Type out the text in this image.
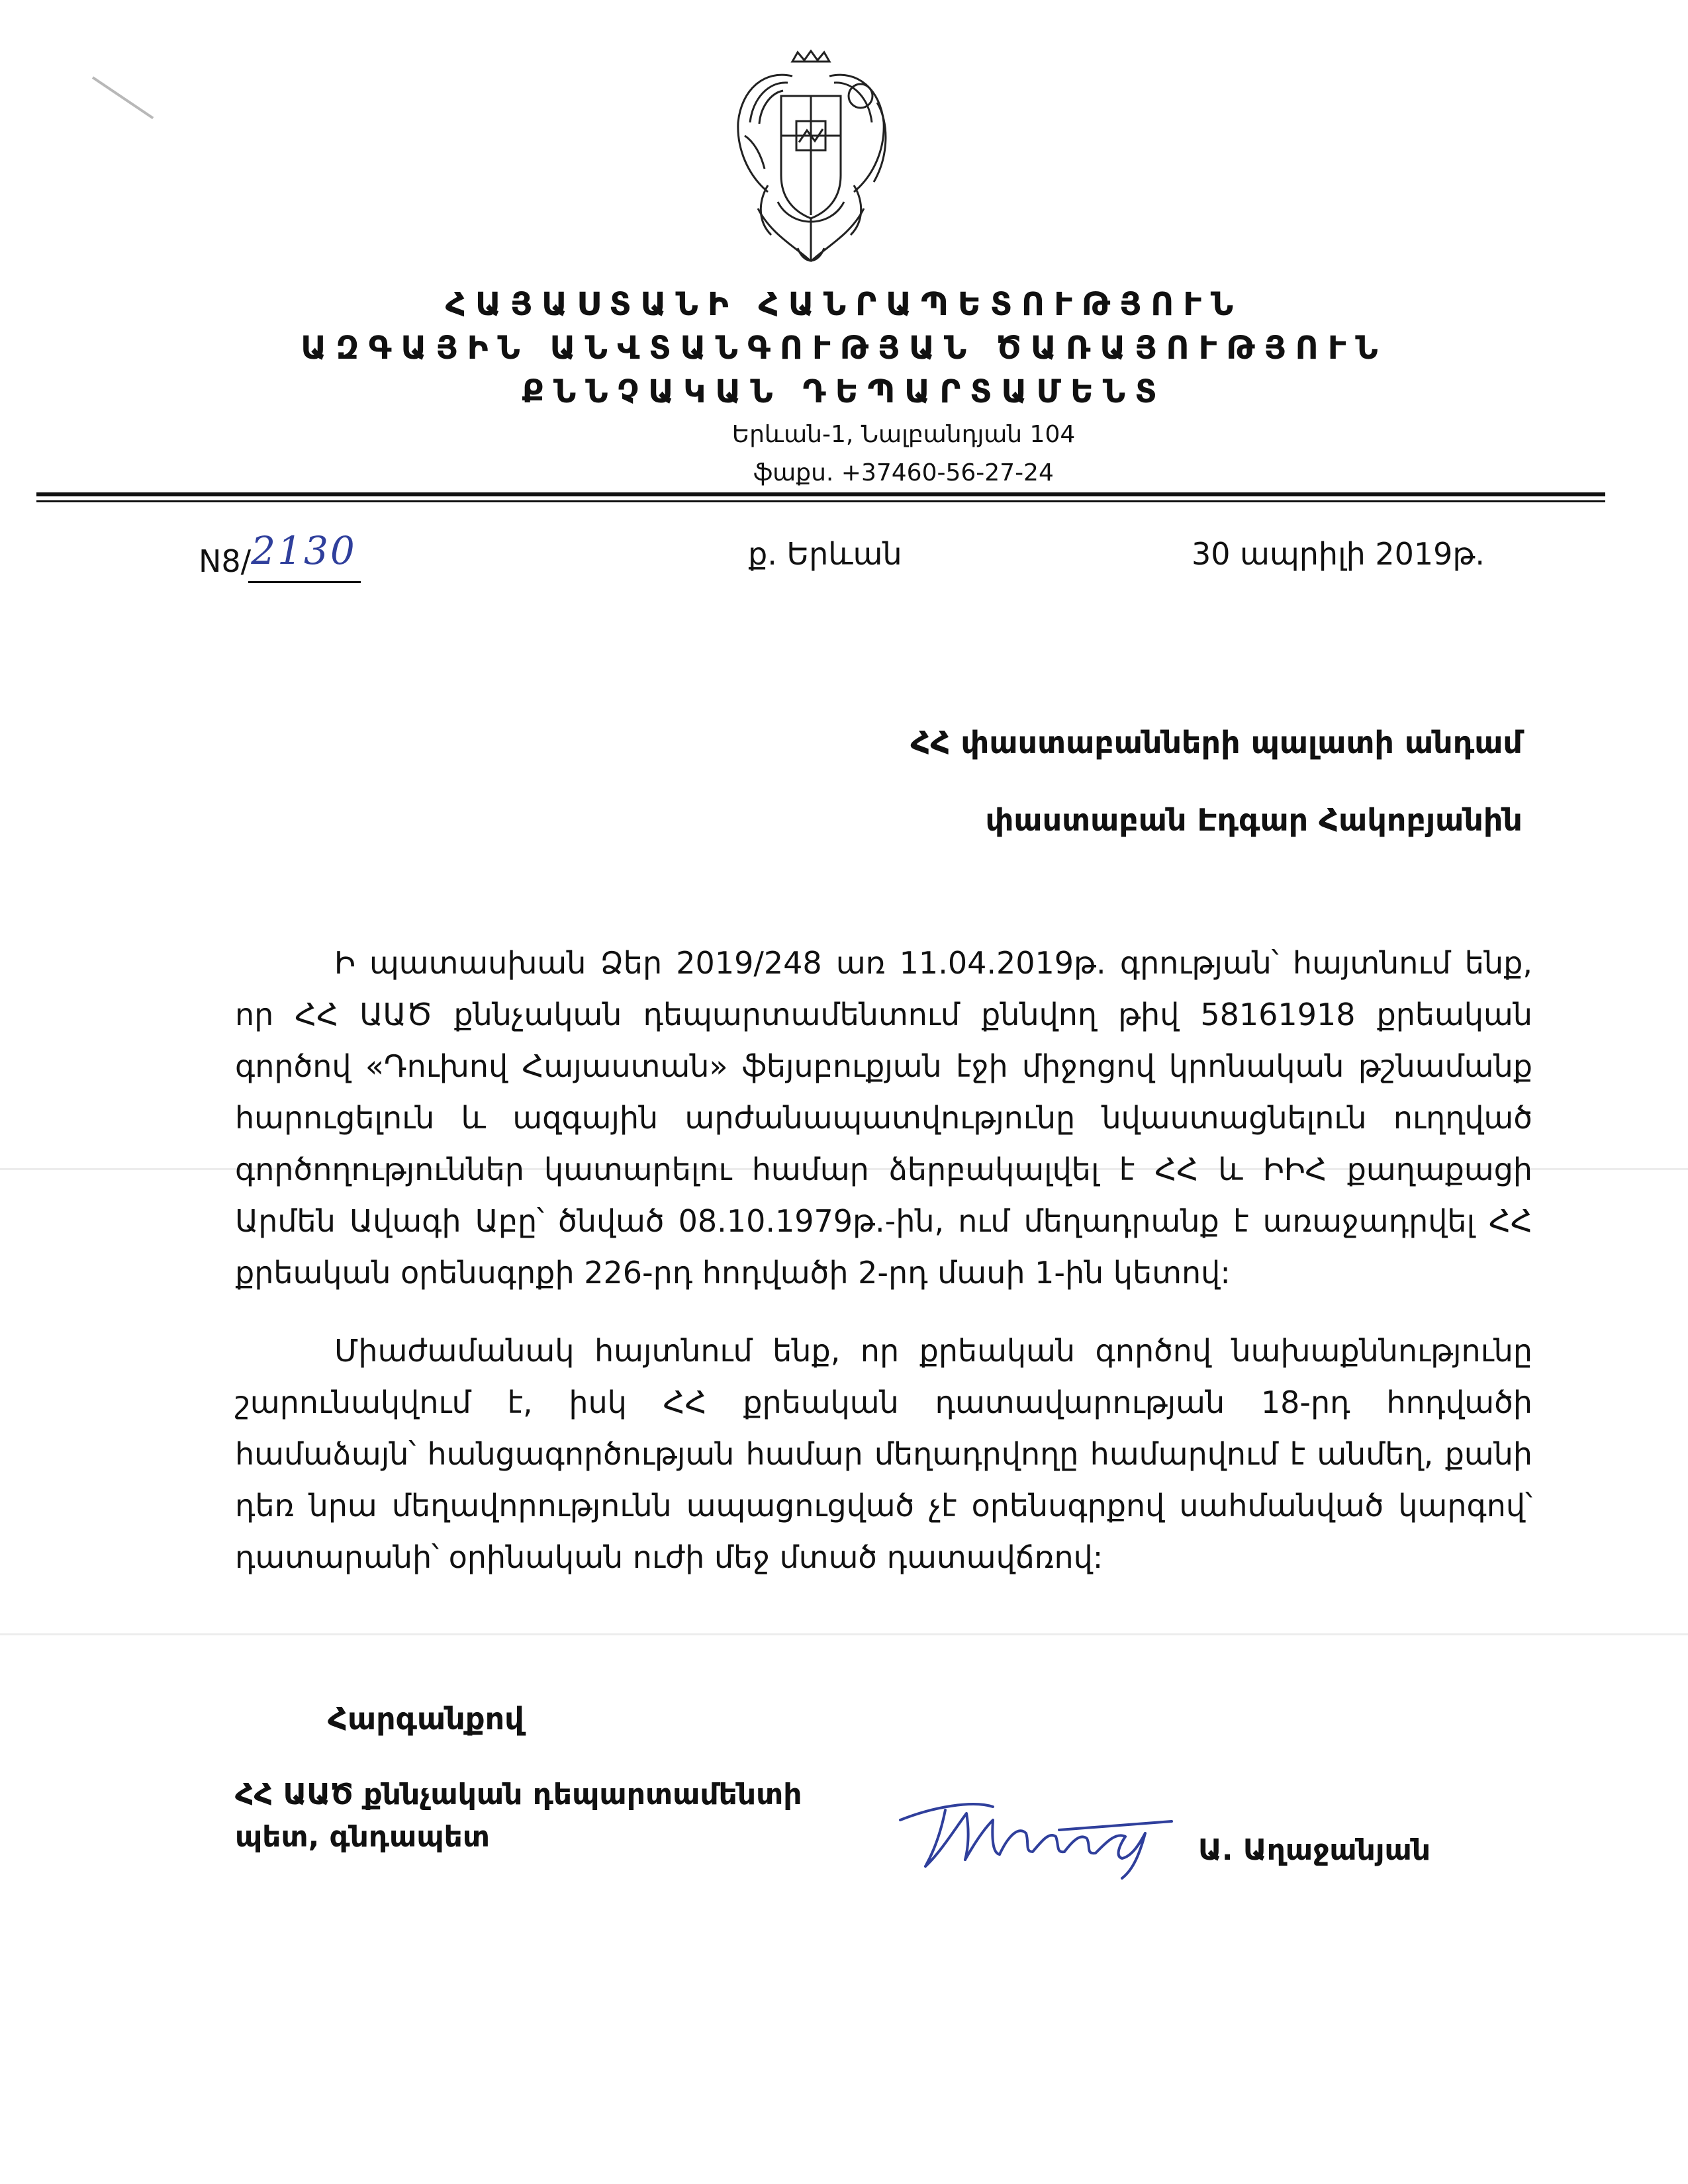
ՀԱՅԱՍՏԱՆԻ ՀԱՆՐԱՊԵՏՈՒԹՅՈՒՆ
ԱԶԳԱՅԻՆ ԱՆՎՏԱՆԳՈՒԹՅԱՆ ԾԱՌԱՅՈՒԹՅՈՒՆ
ՔՆՆՉԱԿԱՆ ԴԵՊԱՐՏԱՄԵՆՏ
Երևան-1, Նալբանդյան 104
ֆաքս. +37460-56-27-24
N8/2130	ք. Երևան	30 ապրիլի 2019թ.
ՀՀ փաստաբանների պալատի անդամ
փաստաբան Էդգար Հակոբյանին

Ի պատասխան Ձեր 2019/248 առ 11.04.2019թ. գրության՝ հայտնում ենք, որ ՀՀ ԱԱԾ քննչական դեպարտամենտում քննվող թիվ 58161918 քրեական գործով «Դուխով Հայաստան» ֆեյսբուքյան էջի միջոցով կրոնական թշնամանք հարուցելուն և ազգային արժանապատվությունը նվաստացնելուն ուղղված գործողություններ կատարելու համար ձերբակալվել է ՀՀ և ԻԻՀ քաղաքացի Արմեն Ավագի Աբը՝ ծնված 08.10.1979թ.-ին, ում մեղադրանք է առաջադրվել ՀՀ քրեական օրենսգրքի 226-րդ հոդվածի 2-րդ մասի 1-ին կետով:

Միաժամանակ հայտնում ենք, որ քրեական գործով նախաքննությունը շարունակվում է, իսկ ՀՀ քրեական դատավարության 18-րդ հոդվածի համաձայն՝ հանցագործության համար մեղադրվողը համարվում է անմեղ, քանի դեռ նրա մեղավորությունն ապացուցված չէ օրենսգրքով սահմանված կարգով՝ դատարանի՝ օրինական ուժի մեջ մտած դատավճռով:

Հարգանքով
ՀՀ ԱԱԾ քննչական դեպարտամենտի
պետ, գնդապետ	Ա. Աղաջանյան
